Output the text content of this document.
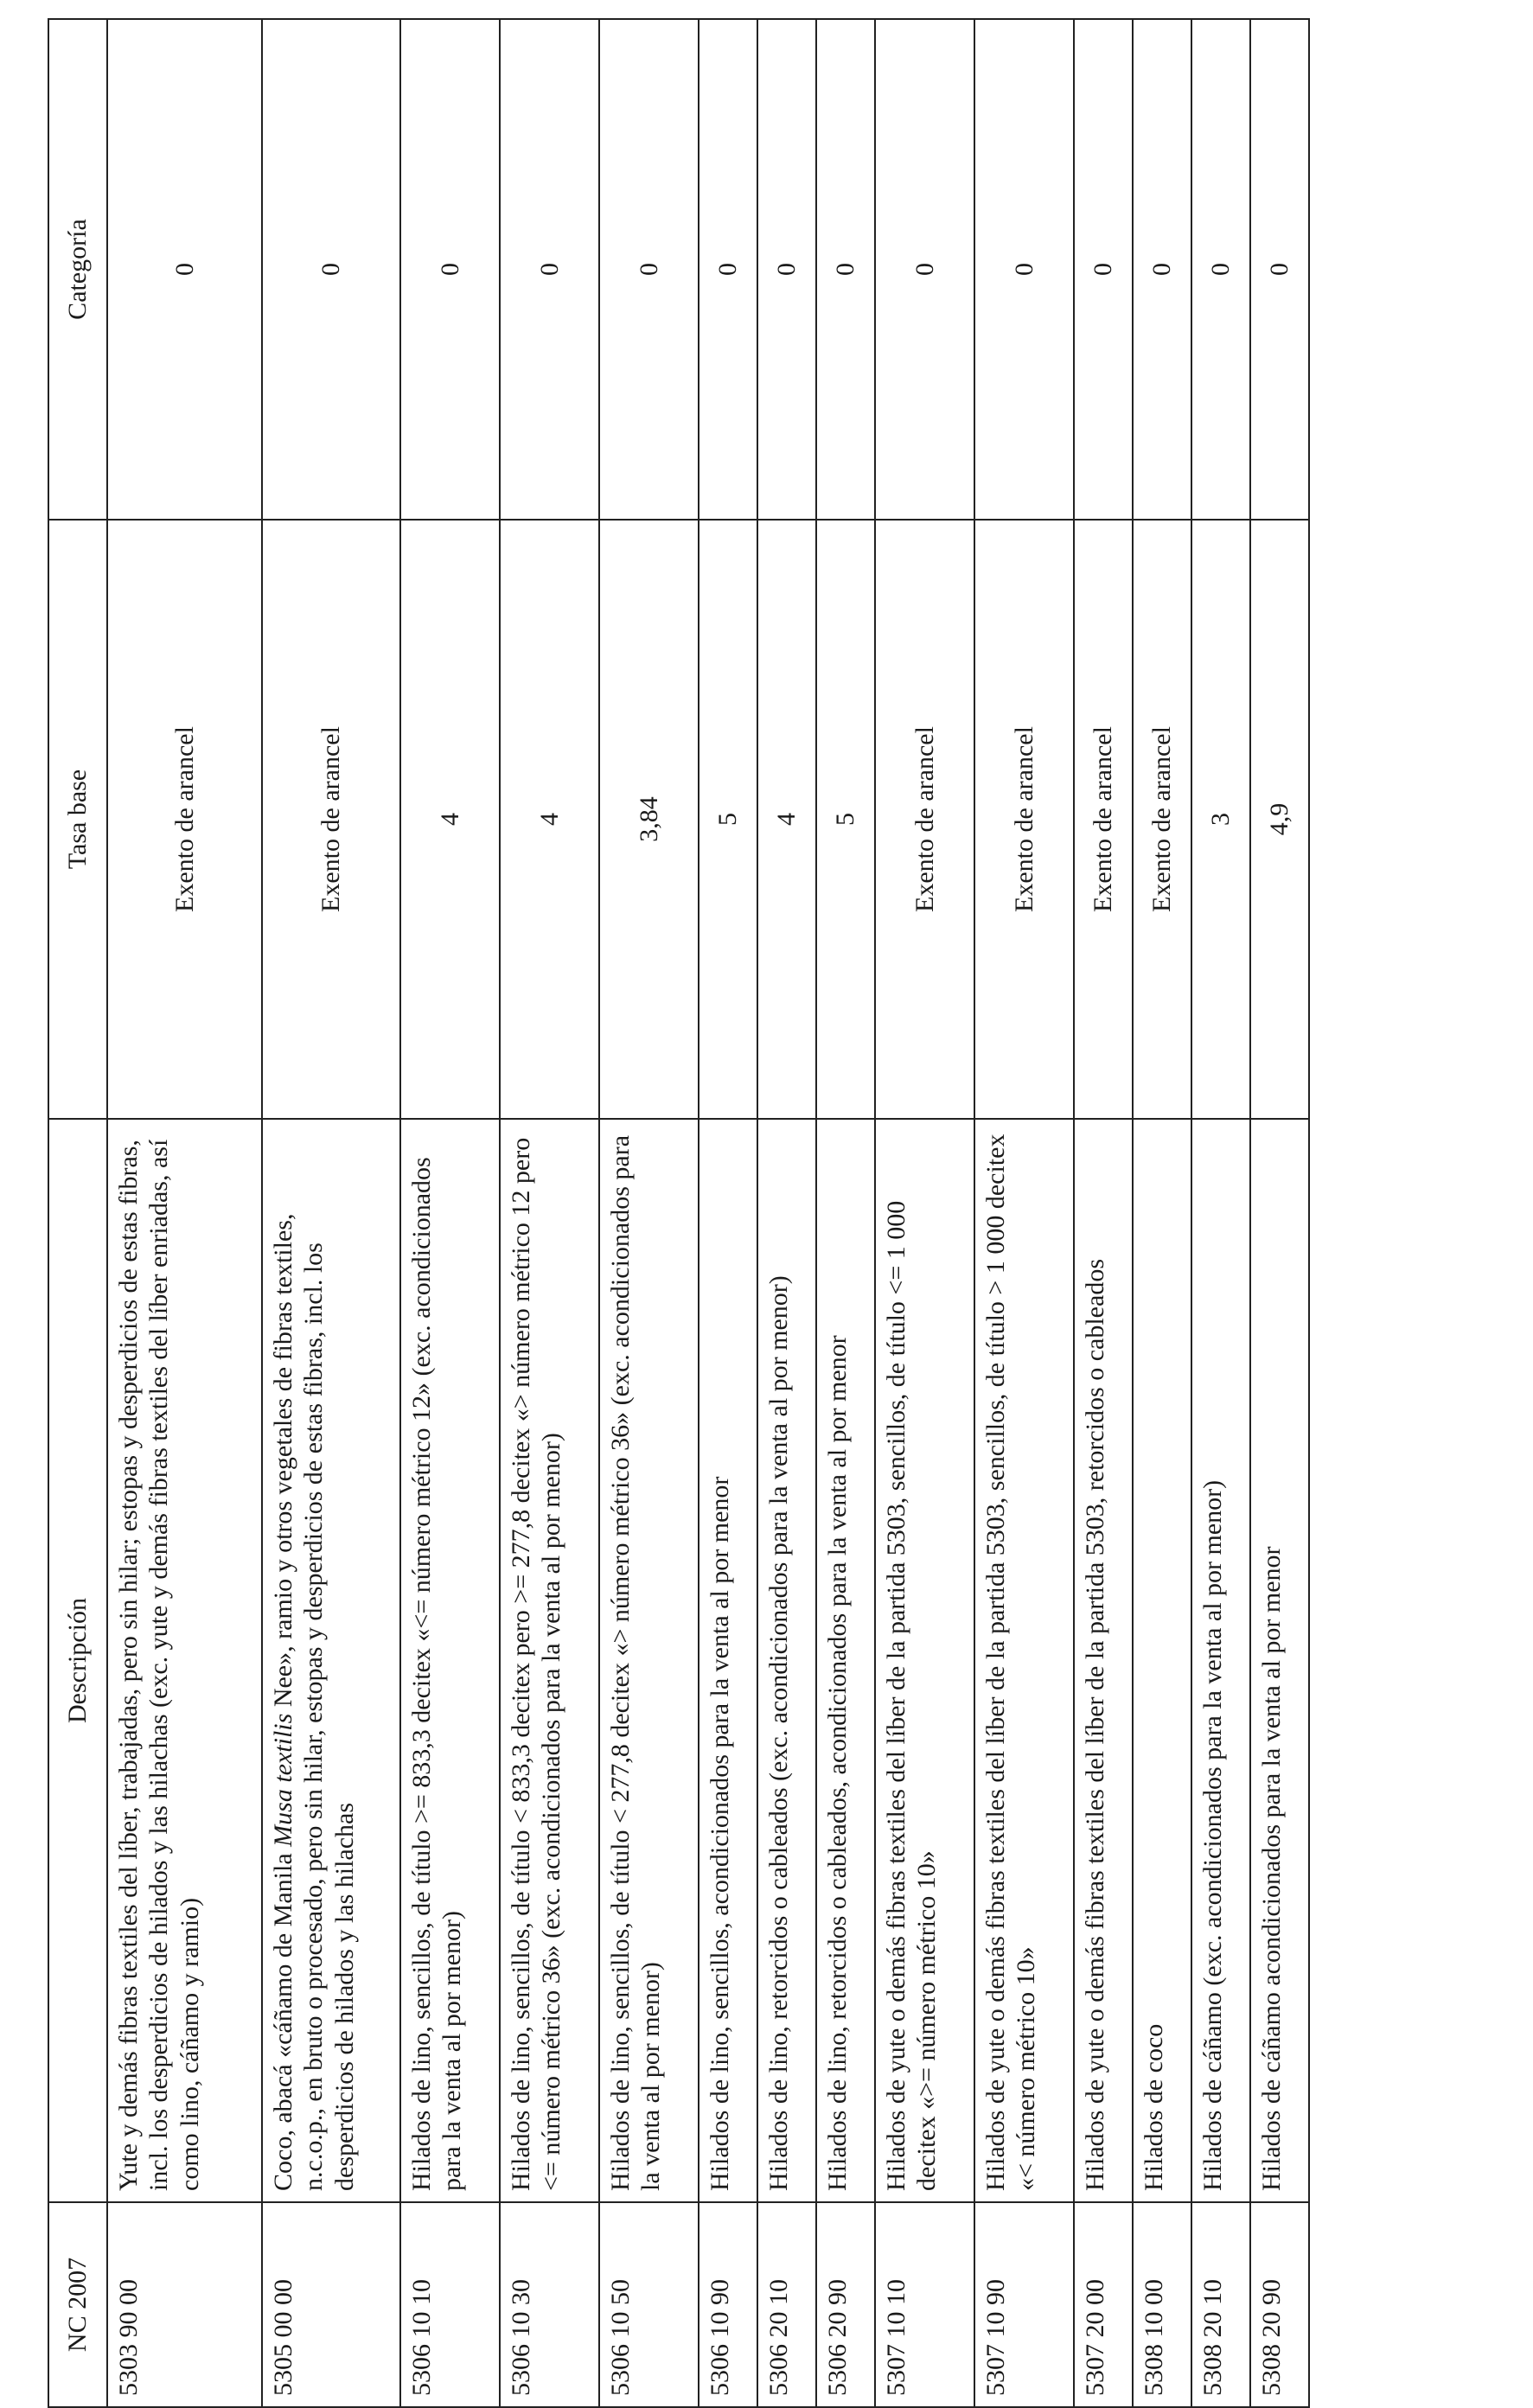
NC 2007	Descripción	Tasa base	Categoría
5303 90 00	Yute y demás fibras textiles del líber, trabajadas, pero sin hilar; estopas y desperdicios de estas fibras, incl. los desperdicios de hilados y las hilachas (exc. yute y demás fibras textiles del líber enriadas, así como lino, cáñamo y ramio)	Exento de arancel	0
5305 00 00	Coco, abacá «cáñamo de Manila Musa textilis Nee», ramio y otros vegetales de fibras textiles, n.c.o.p., en bruto o procesado, pero sin hilar, estopas y desperdicios de estas fibras, incl. los desperdicios de hilados y las hilachas	Exento de arancel	0
5306 10 10	Hilados de lino, sencillos, de título >= 833,3 decitex «<= número métrico 12» (exc. acondicionados para la venta al por menor)	4	0
5306 10 30	Hilados de lino, sencillos, de título < 833,3 decitex pero >= 277,8 decitex «> número métrico 12 pero <= número métrico 36» (exc. acondicionados para la venta al por menor)	4	0
5306 10 50	Hilados de lino, sencillos, de título < 277,8 decitex «> número métrico 36» (exc. acondicionados para la venta al por menor)	3,84	0
5306 10 90	Hilados de lino, sencillos, acondicionados para la venta al por menor	5	0
5306 20 10	Hilados de lino, retorcidos o cableados (exc. acondicionados para la venta al por menor)	4	0
5306 20 90	Hilados de lino, retorcidos o cableados, acondicionados para la venta al por menor	5	0
5307 10 10	Hilados de yute o demás fibras textiles del líber de la partida 5303, sencillos, de título <= 1 000 decitex «>= número métrico 10»	Exento de arancel	0
5307 10 90	Hilados de yute o demás fibras textiles del líber de la partida 5303, sencillos, de título > 1 000 decitex «< número métrico 10»	Exento de arancel	0
5307 20 00	Hilados de yute o demás fibras textiles del líber de la partida 5303, retorcidos o cableados	Exento de arancel	0
5308 10 00	Hilados de coco	Exento de arancel	0
5308 20 10	Hilados de cáñamo (exc. acondicionados para la venta al por menor)	3	0
5308 20 90	Hilados de cáñamo acondicionados para la venta al por menor	4,9	0
